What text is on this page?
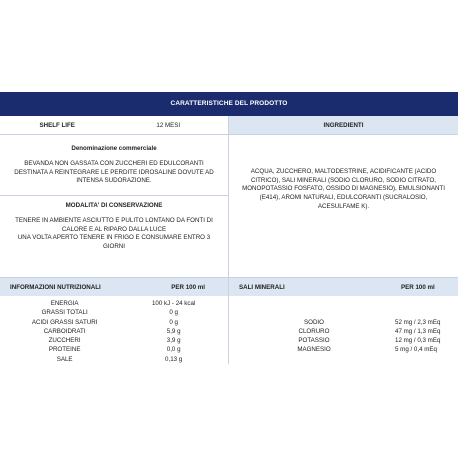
CARATTERISTICHE DEL PRODOTTO
SHELF LIFE	12 MESI
Denominazione commerciale
BEVANDA NON GASSATA CON ZUCCHERI ED EDULCORANTI
DESTINATA A REINTEGRARE LE PERDITE IDROSALINE DOVUTE AD
INTENSA SUDORAZIONE.
MODALITA' DI CONSERVAZIONE
TENERE IN AMBIENTE ASCIUTTO E PULITO LONTANO DA FONTI DI
CALORE E AL RIPARO DALLA LUCE
UNA VOLTA APERTO TENERE IN FRIGO E CONSUMARE ENTRO 3
GIORNI
INGREDIENTI
ACQUA, ZUCCHERO, MALTODESTRINE, ACIDIFICANTE (ACIDO
CITRICO), SALI MINERALI (SODIO CLORURO, SODIO CITRATO,
MONOPOTASSIO FOSFATO, OSSIDO DI MAGNESIO), EMULSIONANTI
(E414), AROMI NATURALI, EDULCORANTI (SUCRALOSIO,
ACESULFAME K).
INFORMAZIONI NUTRIZIONALI	PER 100 ml
ENERGIA	100 kJ - 24 kcal
GRASSI TOTALI	0 g
ACIDI GRASSI SATURI	0 g
CARBOIDRATI	5,9 g
ZUCCHERI	3,9 g
PROTEINE	0,0 g
SALE	0,13 g
SALI MINERALI	PER 100 ml
SODIO	52 mg / 2,3 mEq
CLORURO	47 mg / 1,3 mEq
POTASSIO	12 mg / 0,3 mEq
MAGNESIO	5 mg / 0,4 mEq
